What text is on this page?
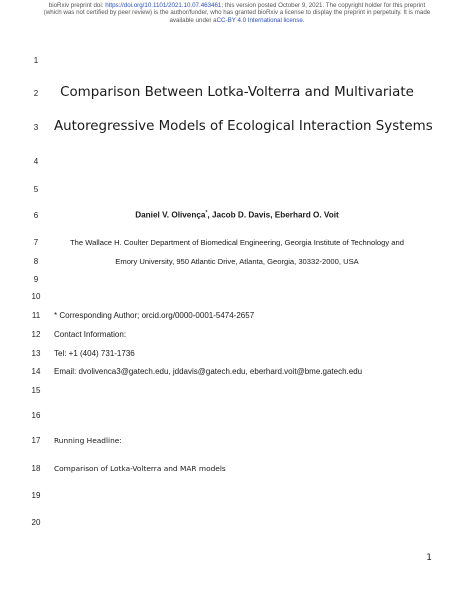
bioRxiv preprint doi: https://doi.org/10.1101/2021.10.07.463461; this version posted October 9, 2021. The copyright holder for this preprint
(which was not certified by peer review) is the author/funder, who has granted bioRxiv a license to display the preprint in perpetuity. It is made
available under aCC-BY 4.0 International license.
1
2
3
4
5
6
7
8
9
10
11
12
13
14
15
16
17
18
19
20
Comparison Between Lotka-Volterra and Multivariate
Autoregressive Models of Ecological Interaction Systems
Daniel V. Olivença*, Jacob D. Davis, Eberhard O. Voit
The Wallace H. Coulter Department of Biomedical Engineering, Georgia Institute of Technology and
Emory University, 950 Atlantic Drive, Atlanta, Georgia, 30332-2000, USA
* Corresponding Author; orcid.org/0000-0001-5474-2657
Contact Information:
Tel: +1 (404) 731-1736
Email: dvolivenca3@gatech.edu, jddavis@gatech.edu, eberhard.voit@bme.gatech.edu
Running Headline:
Comparison of Lotka-Volterra and MAR models
1
